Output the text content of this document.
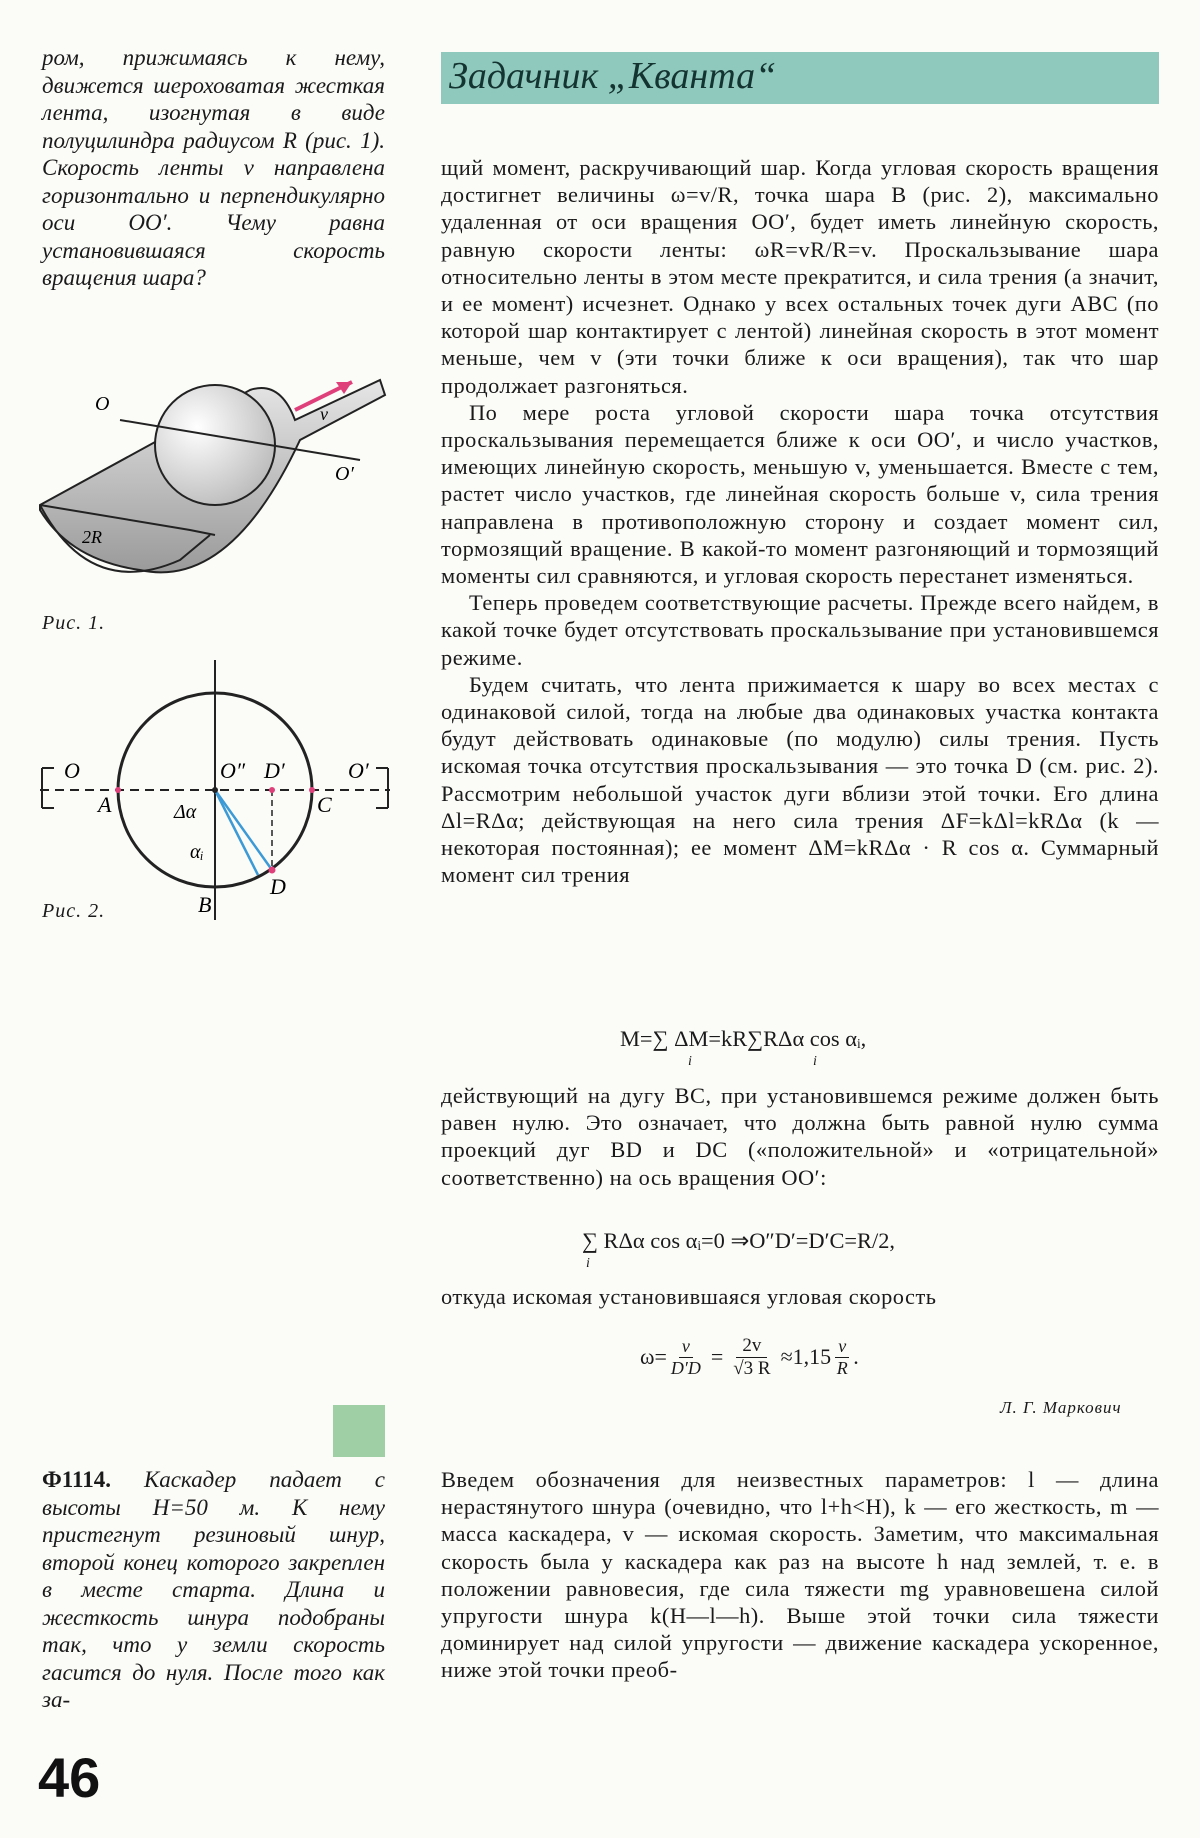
ром, прижимаясь к нему, движется шероховатая жесткая лента, изогнутая в виде полуцилиндра радиусом R (рис. 1). Скорость ленты v направлена горизонтально и перпендикулярно оси OO′. Чему равна установившаяся скорость вращения шара?

Задачник „Кванта“
O
O′
v
2R
Рис. 1.
O	O′
O″ D′
A	C
B
D
Δα
αᵢ
Рис. 2.

щий момент, раскручивающий шар. Когда угловая скорость вращения достигнет величины ω=v/R, точка шара B (рис. 2), максимально удаленная от оси вращения OO′, будет иметь линейную скорость, равную скорости ленты: ωR=vR/R=v. Проскальзывание шара относительно ленты в этом месте прекратится, и сила трения (а значит, и ее момент) исчезнет. Однако у всех остальных точек дуги ABC (по которой шар контактирует с лентой) линейная скорость в этот момент меньше, чем v (эти точки ближе к оси вращения), так что шар продолжает разгоняться.

По мере роста угловой скорости шара точка отсутствия проскальзывания перемещается ближе к оси OO′, и число участков, имеющих линейную скорость, меньшую v, уменьшается. Вместе с тем, растет число участков, где линейная скорость больше v, сила трения направлена в противоположную сторону и создает момент сил, тормозящий вращение. В какой-то момент разгоняющий и тормозящий моменты сил сравняются, и угловая скорость перестанет изменяться.

Теперь проведем соответствующие расчеты. Прежде всего найдем, в какой точке будет отсутствовать проскальзывание при установившемся режиме.

Будем считать, что лента прижимается к шару во всех местах с одинаковой силой, тогда на любые два одинаковых участка контакта будут действовать одинаковые (по модулю) силы трения. Пусть искомая точка отсутствия проскальзывания — это точка D (см. рис. 2). Рассмотрим небольшой участок дуги вблизи этой точки. Его длина Δl=RΔα; действующая на него сила трения ΔF=kΔl=kRΔα (k — некоторая постоянная); ее момент ΔM=kRΔα · R cos α. Суммарный момент сил трения

M=∑ ΔM=kR∑RΔα cos αᵢ,
i	i

действующий на дугу BC, при установившемся режиме должен быть равен нулю. Это означает, что должна быть равной нулю сумма проекций дуг BD и DC («положительной» и «отрицательной» соответственно) на ось вращения OO′:

∑ RΔα cos αᵢ=0 ⇒O″D′=D′C=R/2,
i

откуда искомая установившаяся угловая скорость

$\omega= \frac{v}{D'D} = \frac{2v}{√3 R} \approx 1,15 \frac{v}{R}$ .
Л. Г. Маркович

Ф1114. Каскадер падает с высоты H=50 м. К нему пристегнут резиновый шнур, второй конец которого закреплен в месте старта. Длина и жесткость шнура подобраны так, что у земли скорость гасится до нуля. После того как за-

Введем обозначения для неизвестных параметров: l — длина нерастянутого шнура (очевидно, что l+h<H), k — его жесткость, m — масса каскадера, v — искомая скорость. Заметим, что максимальная скорость была у каскадера как раз на высоте h над землей, т. е. в положении равновесия, где сила тяжести mg уравновешена силой упругости шнура k(H—l—h). Выше этой точки сила тяжести доминирует над силой упругости — движение каскадера ускоренное, ниже этой точки преоб-

46
